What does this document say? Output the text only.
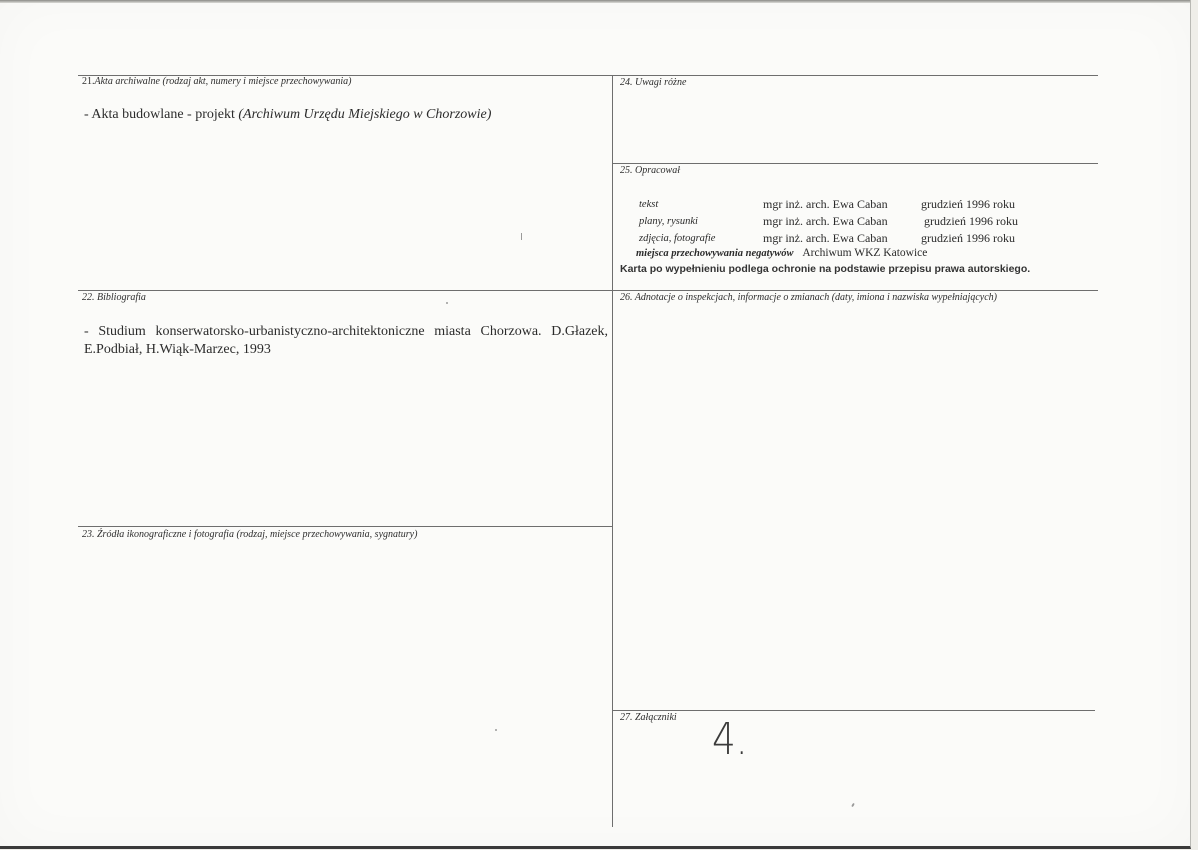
21.Akta archiwalne (rodzaj akt, numery i miejsce przechowywania)
- Akta budowlane - projekt (Archiwum Urzędu Miejskiego w Chorzowie)
24. Uwagi różne
25. Opracował
tekst	mgr inż. arch. Ewa Caban	grudzień 1996 roku
plany, rysunki	mgr inż. arch. Ewa Caban	grudzień 1996 roku
zdjęcia, fotografie	mgr inż. arch. Ewa Caban	grudzień 1996 roku
miejsca przechowywania negatywów Archiwum WKZ Katowice
Karta po wypełnieniu podlega ochronie na podstawie przepisu prawa autorskiego.
22. Bibliografia
- Studium konserwatorsko-urbanistyczno-architektoniczne miasta Chorzowa. D.Głazek, E.Podbiał, H.Wiąk-Marzec, 1993
26. Adnotacje o inspekcjach, informacje o zmianach (daty, imiona i nazwiska wypełniających)
23. Źródła ikonograficzne i fotografia (rodzaj, miejsce przechowywania, sygnatury)
27. Załączniki 4.
